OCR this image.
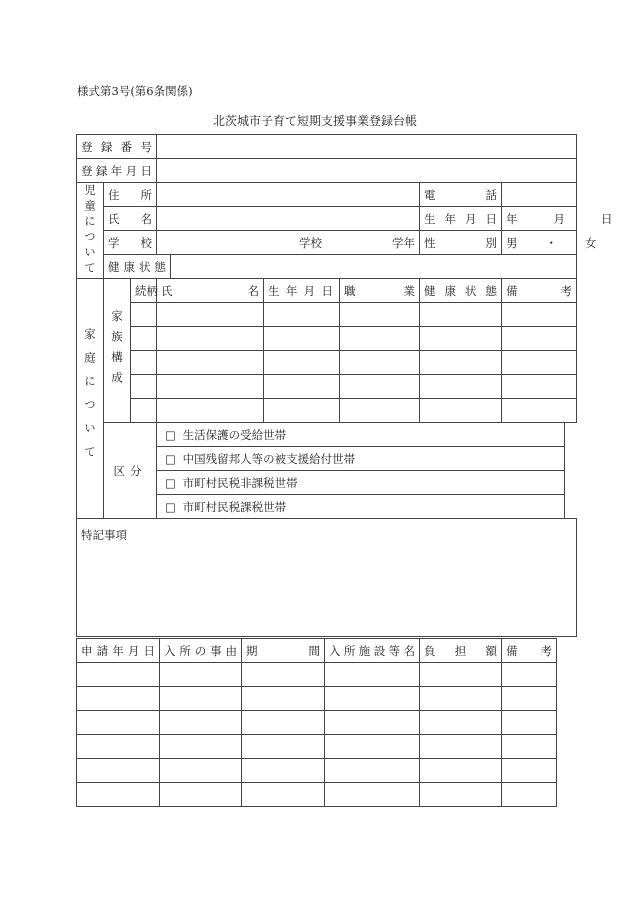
様式第3号(第6条関係)
北茨城市子育て短期支援事業登録台帳
登録番号								
登録年月日								
児童について	住所						電話	
	氏名						生年月日	年 月 日
	学校		学校 学年				性別	男 ・ 女
	健康状態							
家庭について	家族構成	続柄	氏名		生年月日	職業	健康状態	備考

	区分		□ 生活保護の受給世帯					
			□ 中国残留邦人等の被支援給付世帯					
			□ 市町村民税非課税世帯					
			□ 市町村民税課税世帯					
特記事項								
申請年月日	入所の事由	期間	入所施設等名	負担額	備考
